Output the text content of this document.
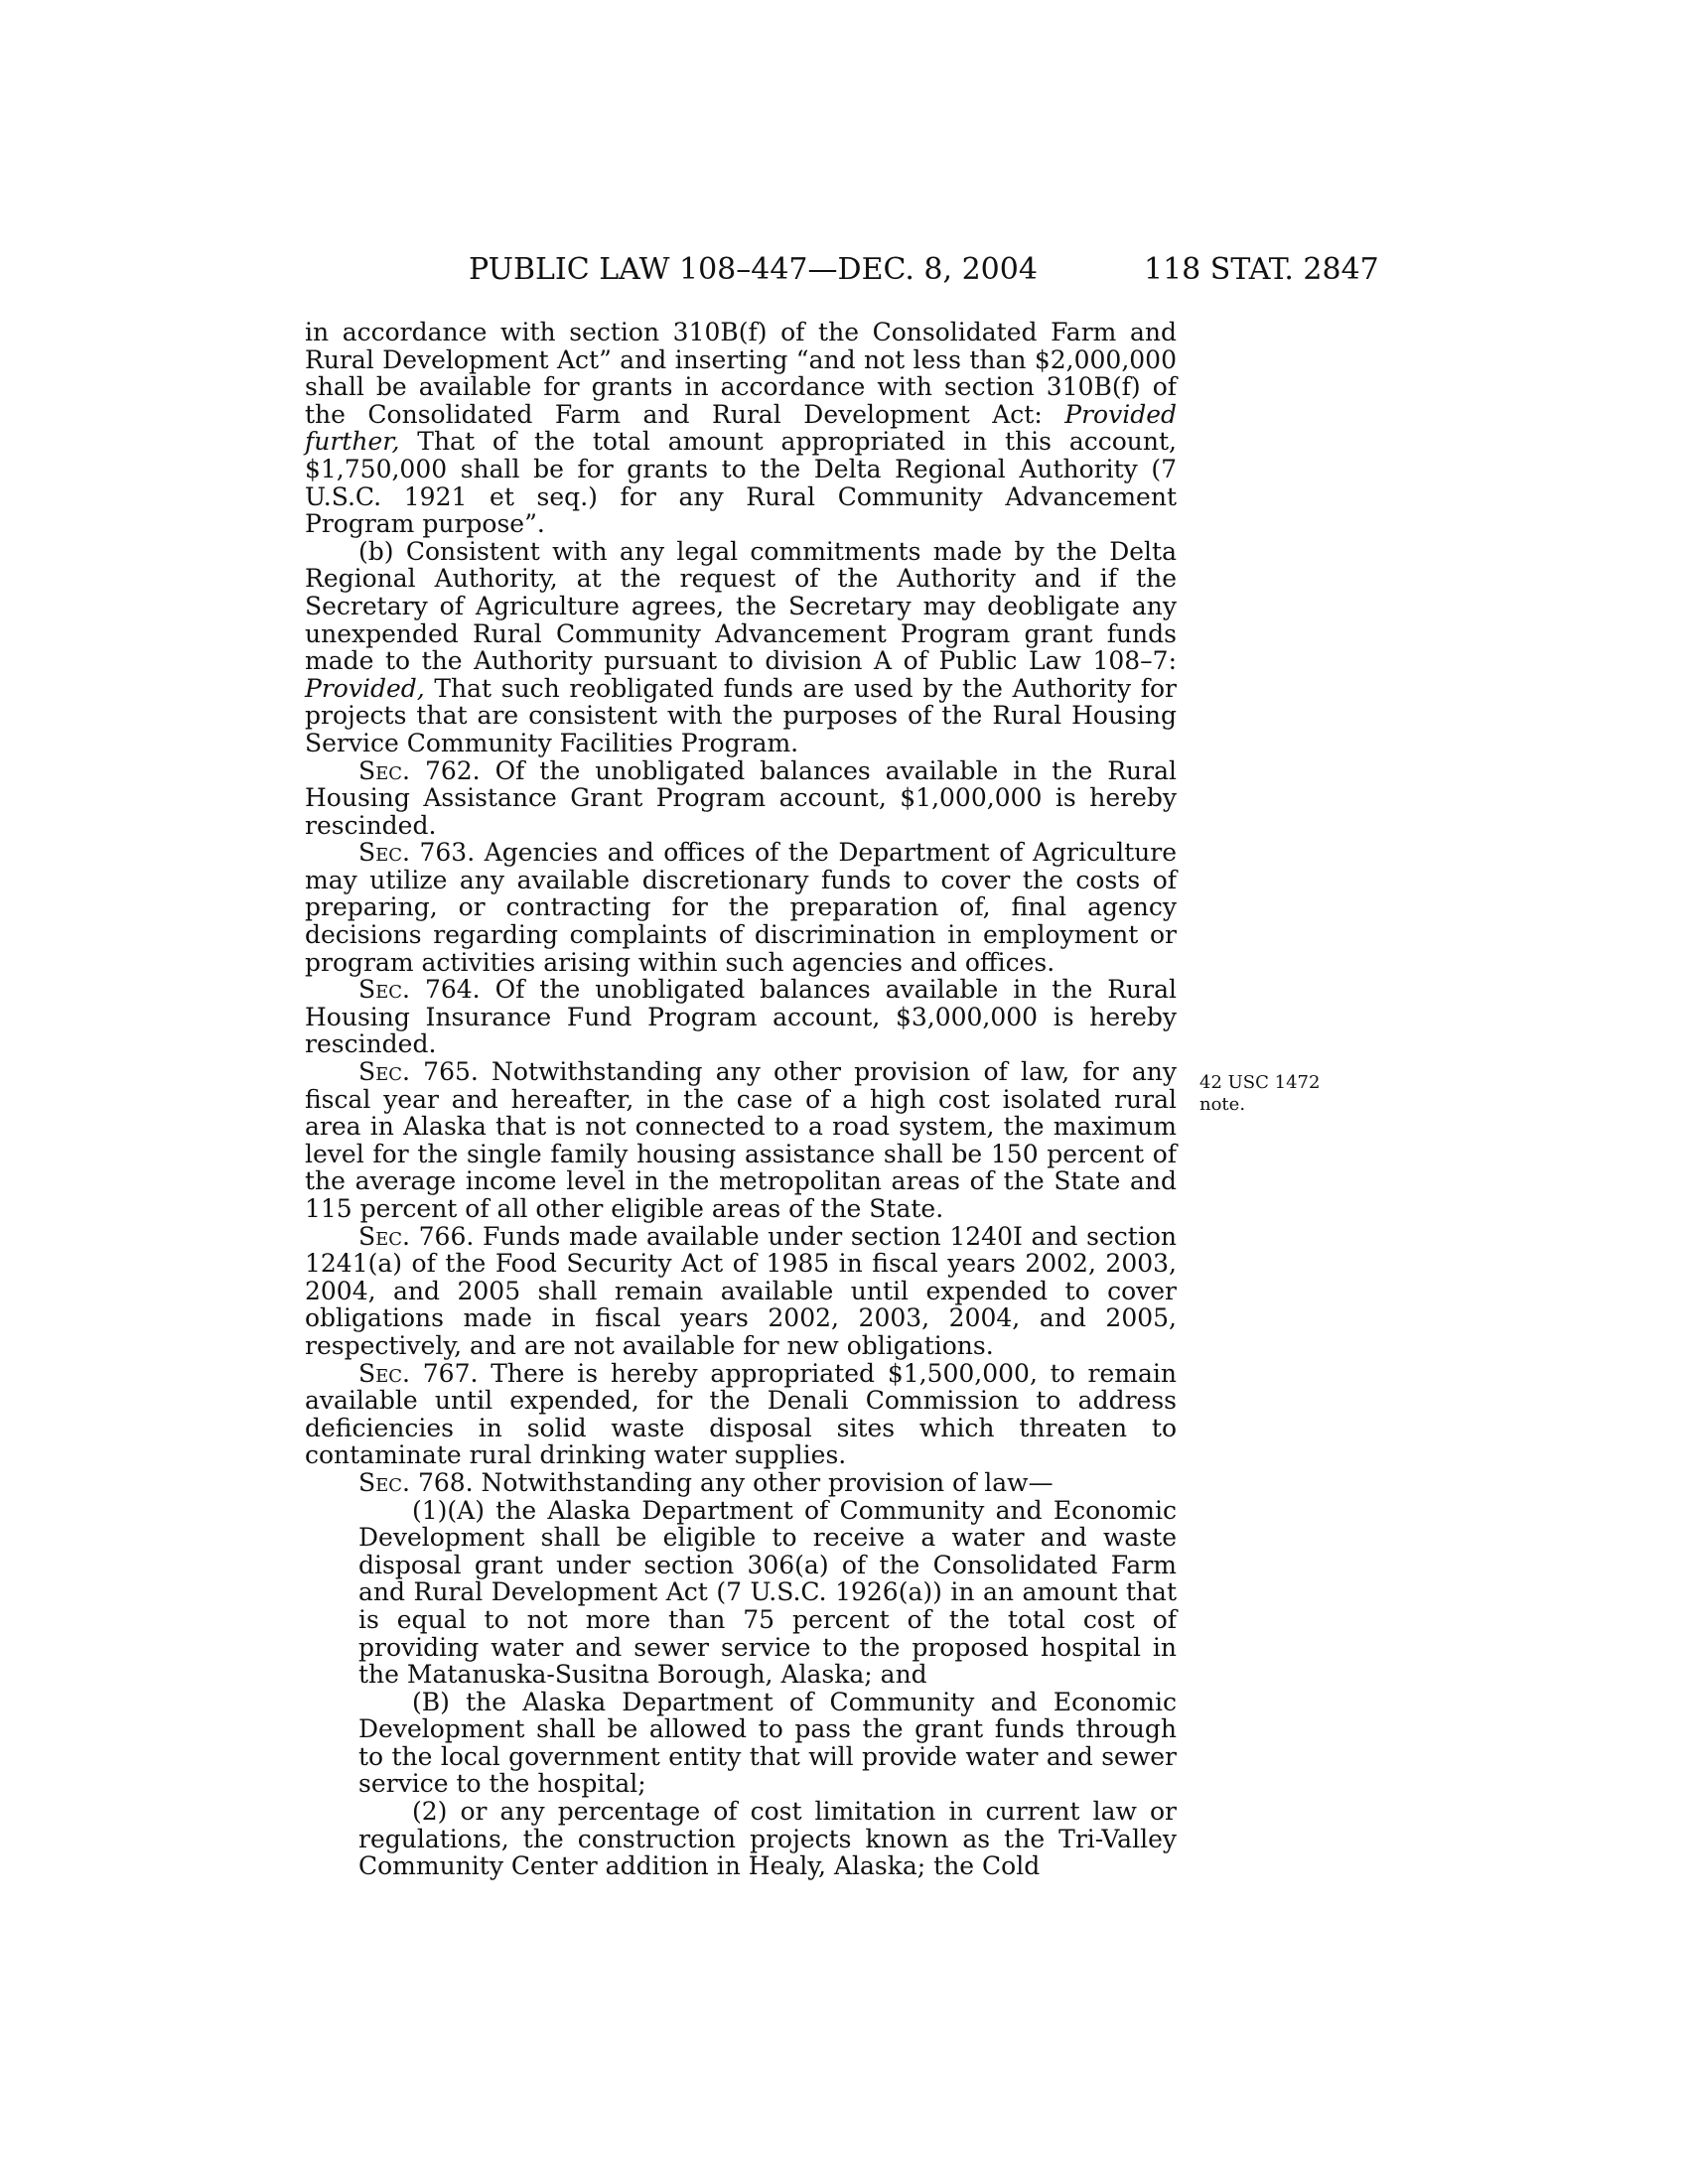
PUBLIC LAW 108–447—DEC. 8, 2004	118 STAT. 2847
42 USC 1472
note.

in accordance with section 310B(f) of the Consolidated Farm and Rural Development Act” and inserting “and not less than $2,000,000 shall be available for grants in accordance with section 310B(f) of the Consolidated Farm and Rural Development Act: Provided further, That of the total amount appropriated in this account, $1,750,000 shall be for grants to the Delta Regional Authority (7 U.S.C. 1921 et seq.) for any Rural Community Advancement Program purpose”.

(b) Consistent with any legal commitments made by the Delta Regional Authority, at the request of the Authority and if the Secretary of Agriculture agrees, the Secretary may deobligate any unexpended Rural Community Advancement Program grant funds made to the Authority pursuant to division A of Public Law 108–7: Provided, That such reobligated funds are used by the Authority for projects that are consistent with the purposes of the Rural Housing Service Community Facilities Program.

Sec. 762. Of the unobligated balances available in the Rural Housing Assistance Grant Program account, $1,000,000 is hereby rescinded.

Sec. 763. Agencies and offices of the Department of Agriculture may utilize any available discretionary funds to cover the costs of preparing, or contracting for the preparation of, final agency decisions regarding complaints of discrimination in employment or program activities arising within such agencies and offices.

Sec. 764. Of the unobligated balances available in the Rural Housing Insurance Fund Program account, $3,000,000 is hereby rescinded.

Sec. 765. Notwithstanding any other provision of law, for any fiscal year and hereafter, in the case of a high cost isolated rural area in Alaska that is not connected to a road system, the maximum level for the single family housing assistance shall be 150 percent of the average income level in the metropolitan areas of the State and 115 percent of all other eligible areas of the State.

Sec. 766. Funds made available under section 1240I and section 1241(a) of the Food Security Act of 1985 in fiscal years 2002, 2003, 2004, and 2005 shall remain available until expended to cover obligations made in fiscal years 2002, 2003, 2004, and 2005, respectively, and are not available for new obligations.

Sec. 767. There is hereby appropriated $1,500,000, to remain available until expended, for the Denali Commission to address deficiencies in solid waste disposal sites which threaten to contaminate rural drinking water supplies.

Sec. 768. Notwithstanding any other provision of law—

(1)(A) the Alaska Department of Community and Economic Development shall be eligible to receive a water and waste disposal grant under section 306(a) of the Consolidated Farm and Rural Development Act (7 U.S.C. 1926(a)) in an amount that is equal to not more than 75 percent of the total cost of providing water and sewer service to the proposed hospital in the Matanuska-Susitna Borough, Alaska; and

(B) the Alaska Department of Community and Economic Development shall be allowed to pass the grant funds through to the local government entity that will provide water and sewer service to the hospital;

(2) or any percentage of cost limitation in current law or regulations, the construction projects known as the Tri-Valley Community Center addition in Healy, Alaska; the Cold
